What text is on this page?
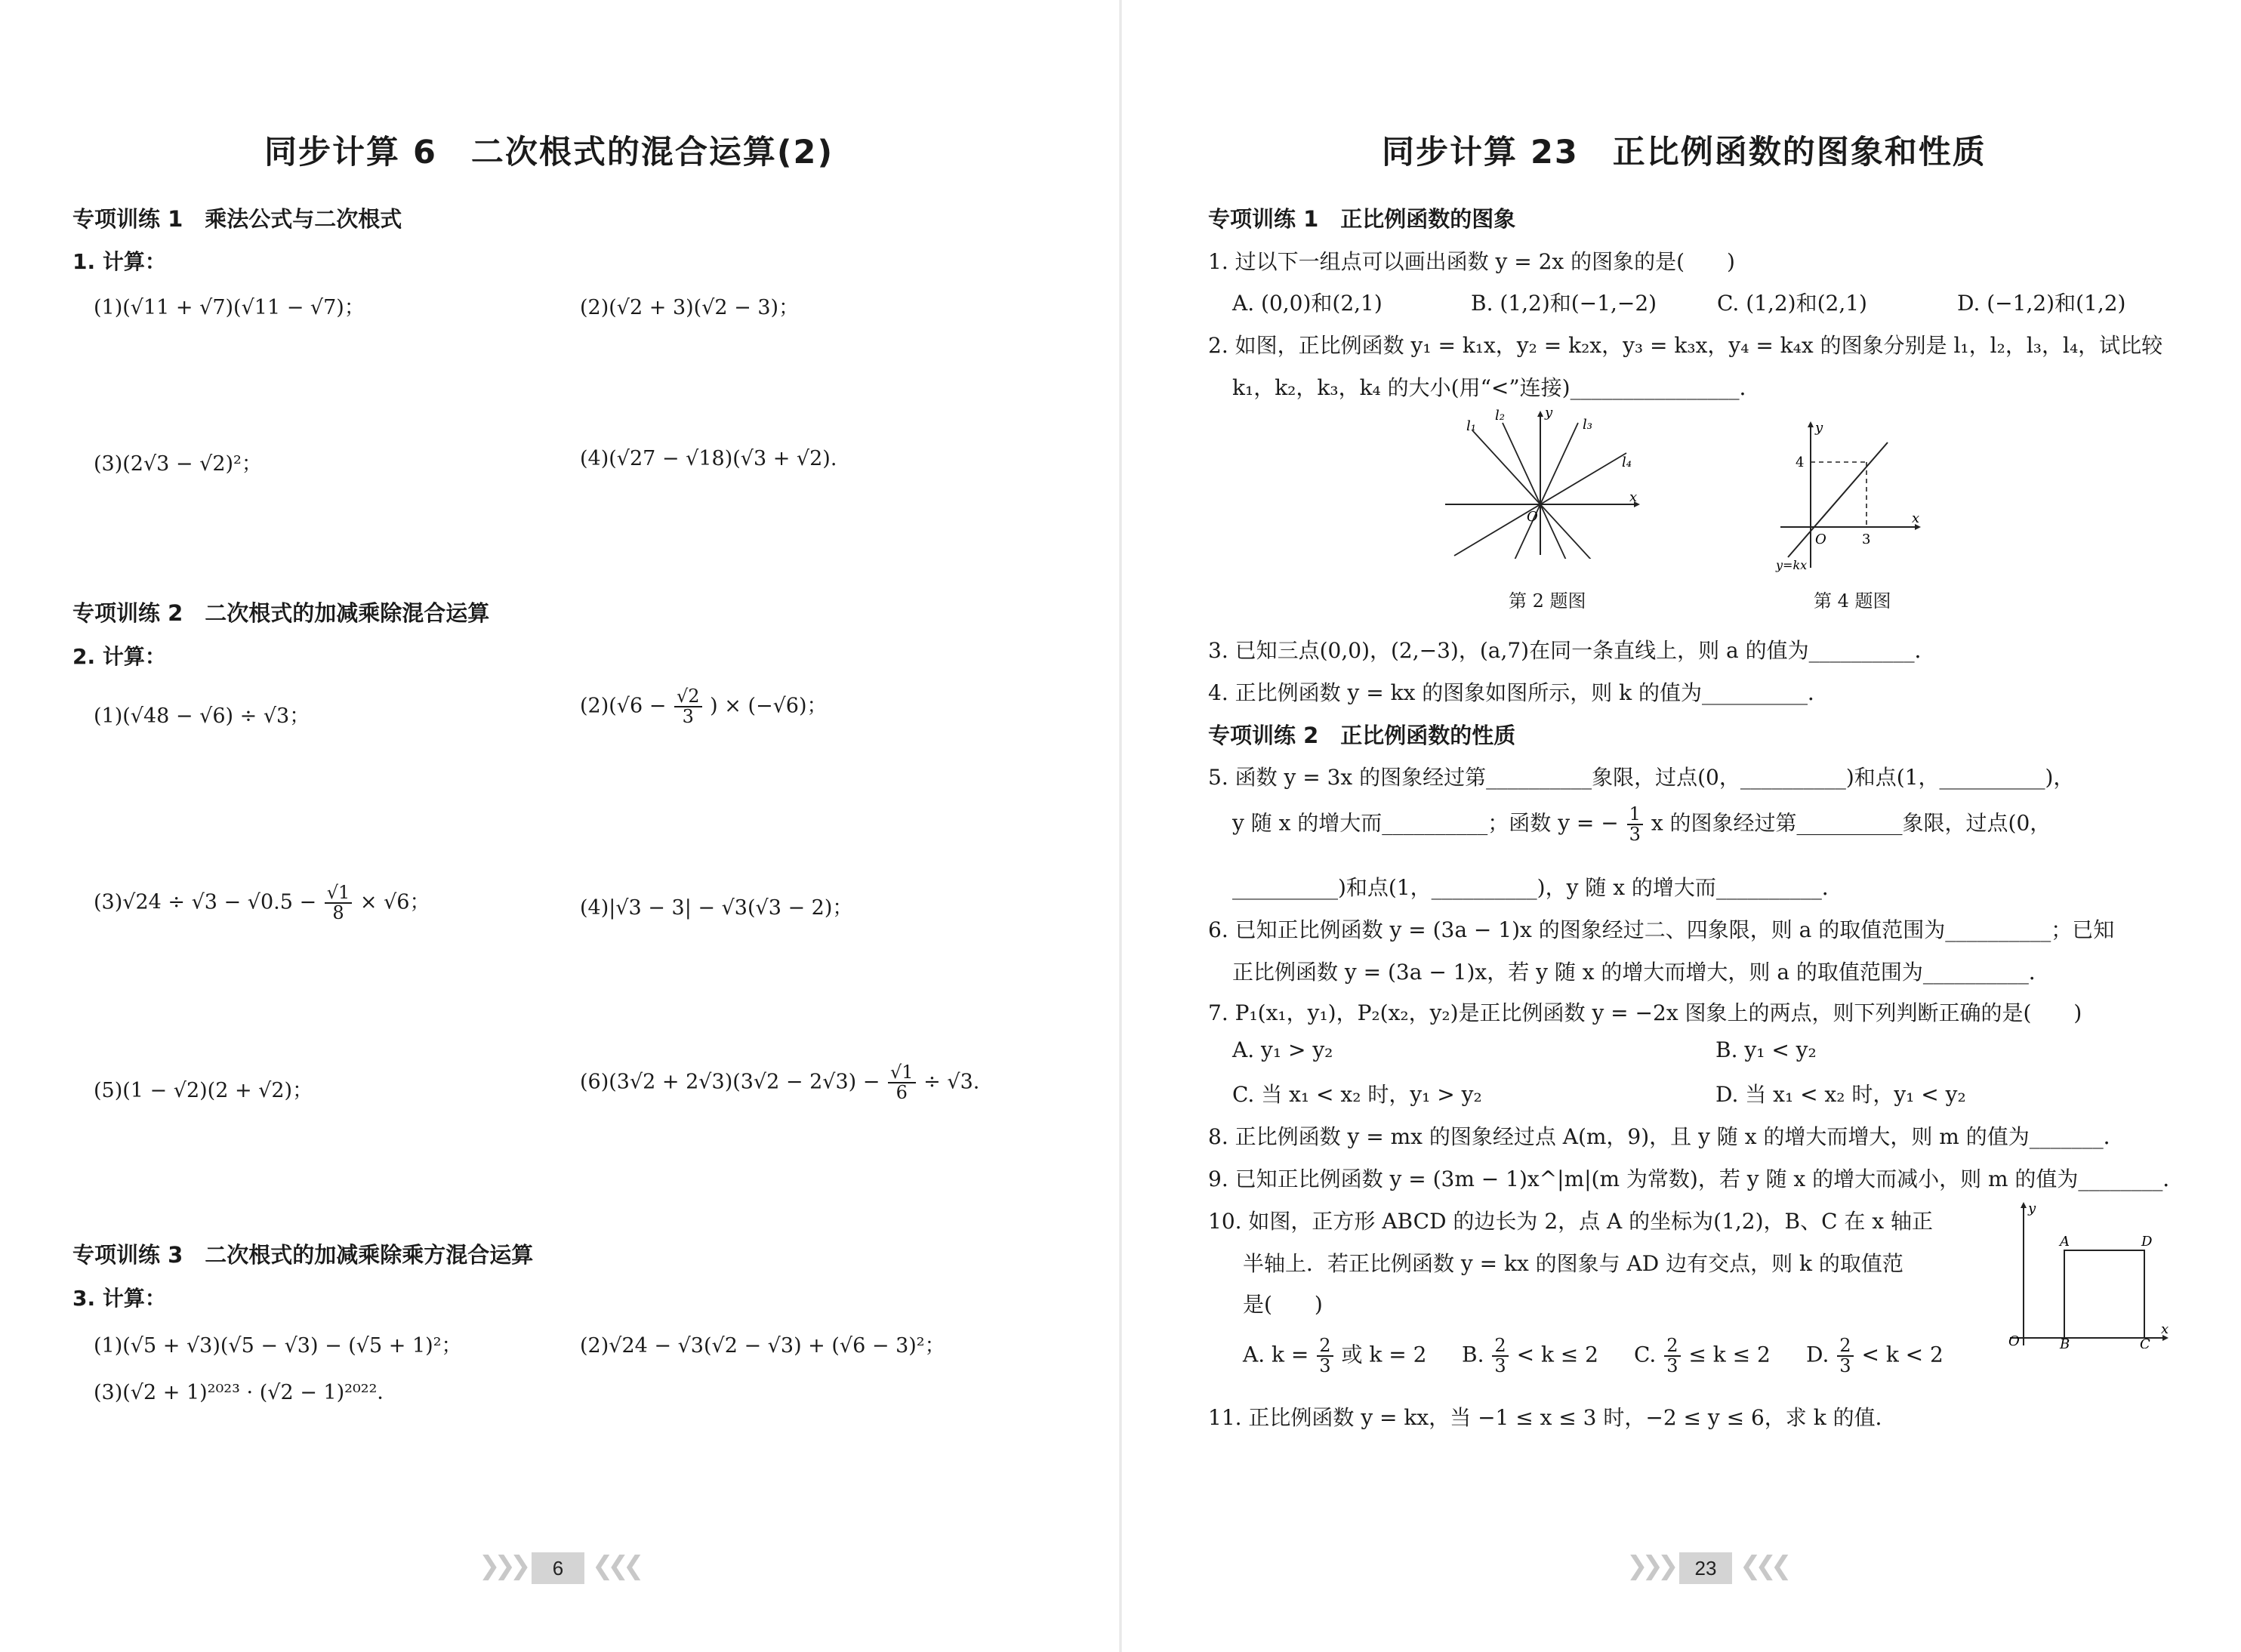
同步计算 6　二次根式的混合运算(2)
专项训练 1　乘法公式与二次根式
1. 计算：
(1)(√11 + √7)(√11 − √7)；	(2)(√2 + 3)(√2 − 3)；
(3)(2√3 − √2)²；	(4)(√27 − √18)(√3 + √2).
专项训练 2　二次根式的加减乘除混合运算
2. 计算：
(1)(√48 − √6) ÷ √3；	$(2)(√6 - \frac{√2}{3}$ ) × (−√6)；
$(3)√24 \div √3 - √0.5 - \frac{√1}{8} \times √6$；	(4)|√3 − 3| − √3(√3 − 2)；
(5)(1 − √2)(2 + √2)；	$(6)(3√2 + 2√3)(3√2 - 2√3) - \frac{√1}{6} \div √3$.
专项训练 3　二次根式的加减乘除乘方混合运算
3. 计算：
(1)(√5 + √3)(√5 − √3) − (√5 + 1)²；	(2)√24 − √3(√2 − √3) + (√6 − 3)²；
(3)(√2 + 1)²⁰²³ · (√2 − 1)²⁰²²．
❯❯❯	6	❮❮❮
同步计算 23　正比例函数的图象和性质
专项训练 1　正比例函数的图象
1. 过以下一组点可以画出函数 y = 2x 的图象的是(　　)
A. (0,0)和(2,1)	B. (1,2)和(−1,−2)	C. (1,2)和(2,1)	D. (−1,2)和(1,2)
2. 如图，正比例函数 y₁ = k₁x，y₂ = k₂x，y₃ = k₃x，y₄ = k₄x 的图象分别是 l₁，l₂，l₃，l₄，试比较
k₁，k₂，k₃，k₄ 的大小(用“<”连接)________________．
l₁
l₂
l₃
l₄
y
x
O
第 2 题图
y
x
4
3
O
y=kx
第 4 题图
3. 已知三点(0,0)，(2,−3)，(a,7)在同一条直线上，则 a 的值为__________．
4. 正比例函数 y = kx 的图象如图所示，则 k 的值为__________．
专项训练 2　正比例函数的性质
5. 函数 y = 3x 的图象经过第__________象限，过点(0，__________)和点(1，__________)，
y 随 x 的增大而__________；函数 y = − $\frac{1}{3}$ x 的图象经过第__________象限，过点(0，
__________)和点(1，__________)，y 随 x 的增大而__________．
6. 已知正比例函数 y = (3a − 1)x 的图象经过二、四象限，则 a 的取值范围为__________；已知
正比例函数 y = (3a − 1)x，若 y 随 x 的增大而增大，则 a 的取值范围为__________．
7. P₁(x₁，y₁)，P₂(x₂，y₂)是正比例函数 y = −2x 图象上的两点，则下列判断正确的是(　　)
A. y₁ > y₂	B. y₁ < y₂
C. 当 x₁ < x₂ 时，y₁ > y₂	D. 当 x₁ < x₂ 时，y₁ < y₂
8. 正比例函数 y = mx 的图象经过点 A(m，9)，且 y 随 x 的增大而增大，则 m 的值为_______．
9. 已知正比例函数 y = (3m − 1)x^|m|(m 为常数)，若 y 随 x 的增大而减小，则 m 的值为________．
10. 如图，正方形 ABCD 的边长为 2，点 A 的坐标为(1,2)，B、C 在 x 轴正
半轴上．若正比例函数 y = kx 的图象与 AD 边有交点，则 k 的取值范
是(　　)
A. $k = \frac{2}{3}$ 或 k = 2 B. $\frac{2}{3} < k \le 2$ C. $\frac{2}{3} \le k \le 2$ D. $\frac{2}{3} < k < 2$
y
x
O
A	D
B	C
11. 正比例函数 y = kx，当 −1 ≤ x ≤ 3 时，−2 ≤ y ≤ 6，求 k 的值．
❯❯❯	23 ❮❮❮
